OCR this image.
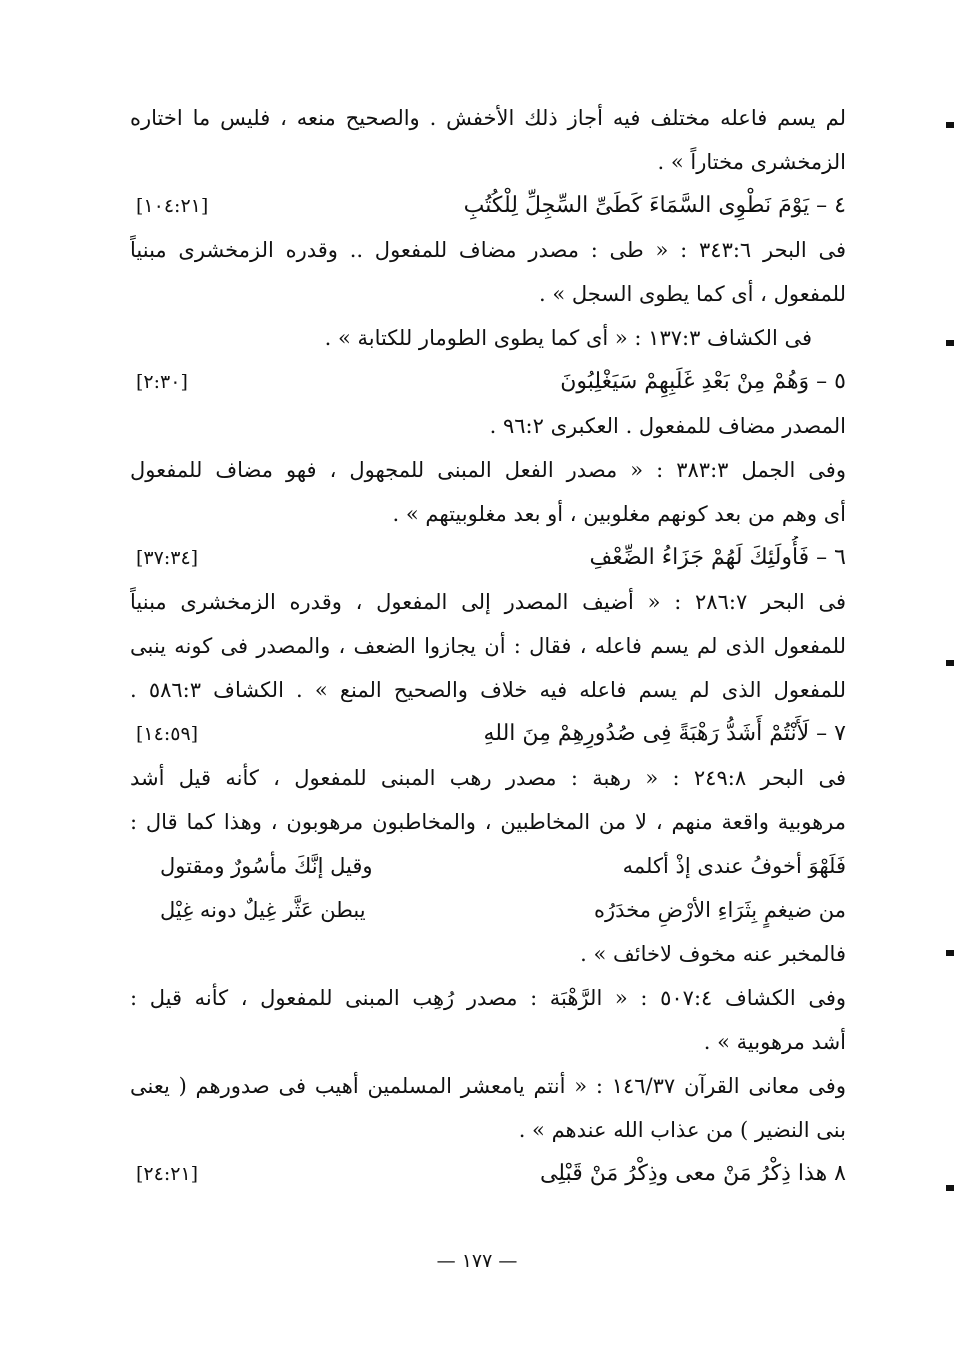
لم يسم فاعله مختلف فيه أجاز ذلك الأخفش . والصحيح منعه ، فليس ما اختاره
الزمخشرى مختاراً » .
٤ – يَوْمَ نَطْوِى السَّمَاءَ كَطَىِّ السِّجِلِّ لِلْكُتُبِ
[١٠٤:٢١]
فى البحر ٣٤٣:٦ : « طى : مصدر مضاف للمفعول .. وقدره الزمخشرى مبنياً
للمفعول ، أى كما يطوى السجل » .
فى الكشاف ١٣٧:٣ : « أى كما يطوى الطومار للكتابة » .
٥ – وَهُمْ مِنْ بَعْدِ غَلَبِهِمْ سَيَغْلِبُونَ
[٢:٣٠]
المصدر مضاف للمفعول . العكبرى ٩٦:٢ .
وفى الجمل ٣٨٣:٣ : « مصدر الفعل المبنى للمجهول ، فهو مضاف للمفعول
أى وهم من بعد كونهم مغلوبين ، أو بعد مغلوبيتهم » .
٦ – فَأُولَئِكَ لَهُمْ جَزَاءُ الضِّعْفِ
[٣٧:٣٤]
فى البحر ٢٨٦:٧ : « أضيف المصدر إلى المفعول ، وقدره الزمخشرى مبنياً
للمفعول الذى لم يسم فاعله ، فقال : أن يجازوا الضعف ، والمصدر فى كونه ينبى
للمفعول الذى لم يسم فاعله فيه خلاف والصحيح المنع » . الكشاف ٥٨٦:٣ .
٧ – لَأَنْتُمْ أَشَدُّ رَهْبَةً فِى صُدُورِهِمْ مِنَ اللهِ
[١٤:٥٩]
فى البحر ٢٤٩:٨ : « رهبة : مصدر رهب المبنى للمفعول ، كأنه قيل أشد
مرهوبية واقعة منهم ، لا من المخاطبين ، والمخاطبون مرهوبون ، وهذا كما قال :
فَلَهْوَ أخوفُ عندى إذْ أكلمه
وقيل إنَّكَ مأسُورٌ ومقتول
من ضيغمٍ بِثَرَاءِ الأرْضِ مخدَرُه
يبطن عَثَّر غِيلٌ دونه غِيْل
فالمخبر عنه مخوف لاخائف » .
وفى الكشاف ٥٠٧:٤ : « الرَّهْبَة : مصدر رُهِب المبنى للمفعول ، كأنه قيل :
أشد مرهوبية » .
وفى معانى القرآن ١٤٦/٣٧ : « أنتم يامعشر المسلمين أهيب فى صدورهم ( يعنى
بنى النضير ) من عذاب الله عندهم » .
٨ هذا ذِكْرُ مَنْ معى وذِكْرُ مَنْ قَبْلِى
[٢٤:٢١]
— ١٧٧ —
